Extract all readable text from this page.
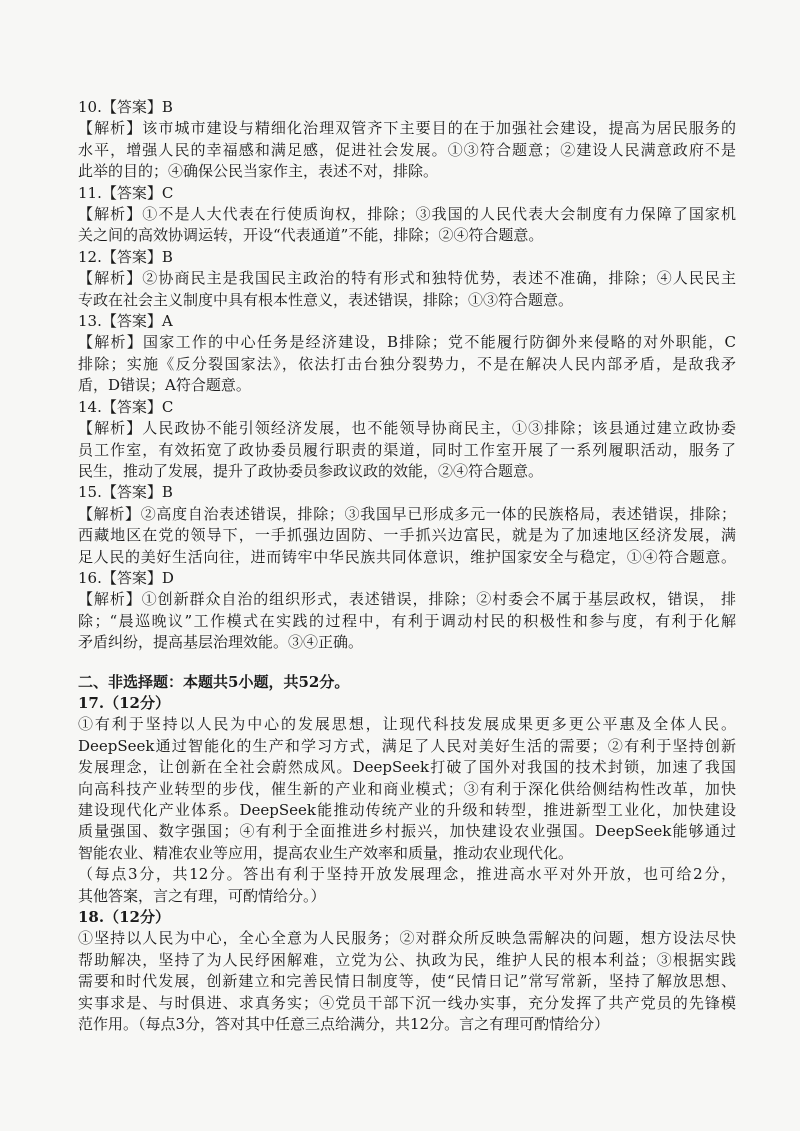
10.【答案】B
【解析】该市城市建设与精细化治理双管齐下主要目的在于加强社会建设，提高为居民服务的
水平，增强人民的幸福感和满足感，促进社会发展。①③符合题意；②建设人民满意政府不是
此举的目的；④确保公民当家作主，表述不对，排除。
11.【答案】C
【解析】①不是人大代表在行使质询权，排除；③我国的人民代表大会制度有力保障了国家机
关之间的高效协调运转，开设“代表通道”不能，排除；②④符合题意。
12.【答案】B
【解析】②协商民主是我国民主政治的特有形式和独特优势，表述不准确，排除；④人民民主
专政在社会主义制度中具有根本性意义，表述错误，排除；①③符合题意。
13.【答案】A
【解析】国家工作的中心任务是经济建设，B排除；党不能履行防御外来侵略的对外职能，C
排除；实施《反分裂国家法》，依法打击台独分裂势力，不是在解决人民内部矛盾，是敌我矛
盾，D错误；A符合题意。
14.【答案】C
【解析】人民政协不能引领经济发展，也不能领导协商民主，①③排除；该县通过建立政协委
员工作室，有效拓宽了政协委员履行职责的渠道，同时工作室开展了一系列履职活动，服务了
民生，推动了发展，提升了政协委员参政议政的效能，②④符合题意。
15.【答案】B
【解析】②高度自治表述错误，排除；③我国早已形成多元一体的民族格局，表述错误，排除；
西藏地区在党的领导下，一手抓强边固防、一手抓兴边富民，就是为了加速地区经济发展，满
足人民的美好生活向往，进而铸牢中华民族共同体意识，维护国家安全与稳定，①④符合题意。
16.【答案】D
【解析】①创新群众自治的组织形式，表述错误，排除；②村委会不属于基层政权，错误， 排
除；“晨巡晚议”工作模式在实践的过程中，有利于调动村民的积极性和参与度，有利于化解
矛盾纠纷，提高基层治理效能。③④正确。
二、非选择题：本题共5小题，共52分。
17.（12分）
①有利于坚持以人民为中心的发展思想，让现代科技发展成果更多更公平惠及全体人民。
DeepSeek通过智能化的生产和学习方式，满足了人民对美好生活的需要；②有利于坚持创新
发展理念，让创新在全社会蔚然成风。DeepSeek打破了国外对我国的技术封锁，加速了我国
向高科技产业转型的步伐，催生新的产业和商业模式；③有利于深化供给侧结构性改革，加快
建设现代化产业体系。DeepSeek能推动传统产业的升级和转型，推进新型工业化，加快建设
质量强国、数字强国；④有利于全面推进乡村振兴，加快建设农业强国。DeepSeek能够通过
智能农业、精准农业等应用，提高农业生产效率和质量，推动农业现代化。
（每点3分，共12分。答出有利于坚持开放发展理念，推进高水平对外开放，也可给2分，
其他答案，言之有理，可酌情给分。）
18.（12分）
①坚持以人民为中心，全心全意为人民服务；②对群众所反映急需解决的问题，想方设法尽快
帮助解决，坚持了为人民纾困解难，立党为公、执政为民，维护人民的根本利益；③根据实践
需要和时代发展，创新建立和完善民情日制度等，使“民情日记”常写常新，坚持了解放思想、
实事求是、与时俱进、求真务实；④党员干部下沉一线办实事，充分发挥了共产党员的先锋模
范作用。（每点3分，答对其中任意三点给满分，共12分。言之有理可酌情给分）
